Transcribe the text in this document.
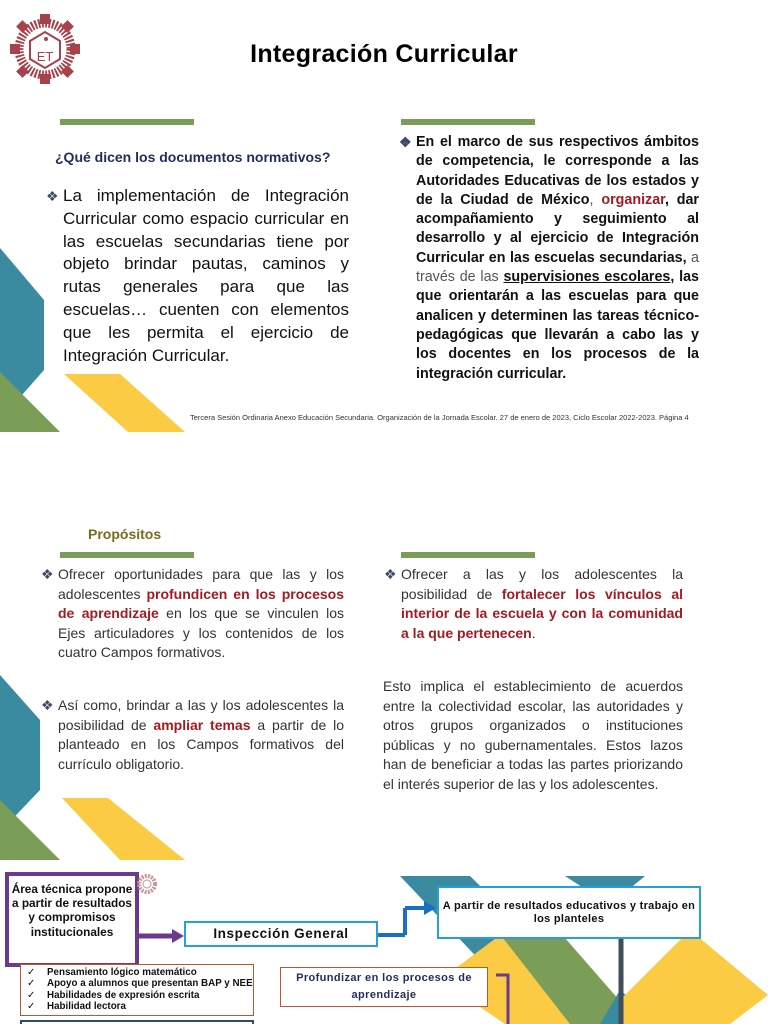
ET	Integración Curricular
¿Qué dicen los documentos normativos?
❖ La implementación de Integración Curricular como espacio curricular en las escuelas secundarias tiene por objeto brindar pautas, caminos y rutas generales para que las escuelas… cuenten con elementos que les permita el ejercicio de Integración Curricular.
❖ En el marco de sus respectivos ámbitos de competencia, le corresponde a las Autoridades Educativas de los estados y de la Ciudad de México, organizar, dar acompañamiento y seguimiento al desarrollo y al ejercicio de Integración Curricular en las escuelas secundarias, a través de las supervisiones escolares, las que orientarán a las escuelas para que analicen y determinen las tareas técnico-pedagógicas que llevarán a cabo las y los docentes en los procesos de la integración curricular.
Tercera Sesión Ordinaria Anexo Educación Secundaria. Organización de la Jornada Escolar. 27 de enero de 2023, Ciclo Escolar 2022-2023. Página 4
Propósitos
❖ Ofrecer oportunidades para que las y los adolescentes profundicen en los procesos de aprendizaje en los que se vinculen los Ejes articuladores y los contenidos de los cuatro Campos formativos.
❖ Así como, brindar a las y los adolescentes la posibilidad de ampliar temas a partir de lo planteado en los Campos formativos del currículo obligatorio.
❖ Ofrecer a las y los adolescentes la posibilidad de fortalecer los vínculos al interior de la escuela y con la comunidad a la que pertenecen.
Esto implica el establecimiento de acuerdos entre la colectividad escolar, las autoridades y otros grupos organizados o instituciones públicas y no gubernamentales. Estos lazos han de beneficiar a todas las partes priorizando el interés superior de las y los adolescentes.
Área técnica propone a partir de resultados y compromisos institucionales	Inspección General
A partir de resultados educativos y trabajo en los planteles
Profundizar en los procesos de aprendizaje
✓ Pensamiento lógico matemático
✓ Apoyo a alumnos que presentan BAP y NEE
✓ Habilidades de expresión escrita
✓ Habilidad lectora
